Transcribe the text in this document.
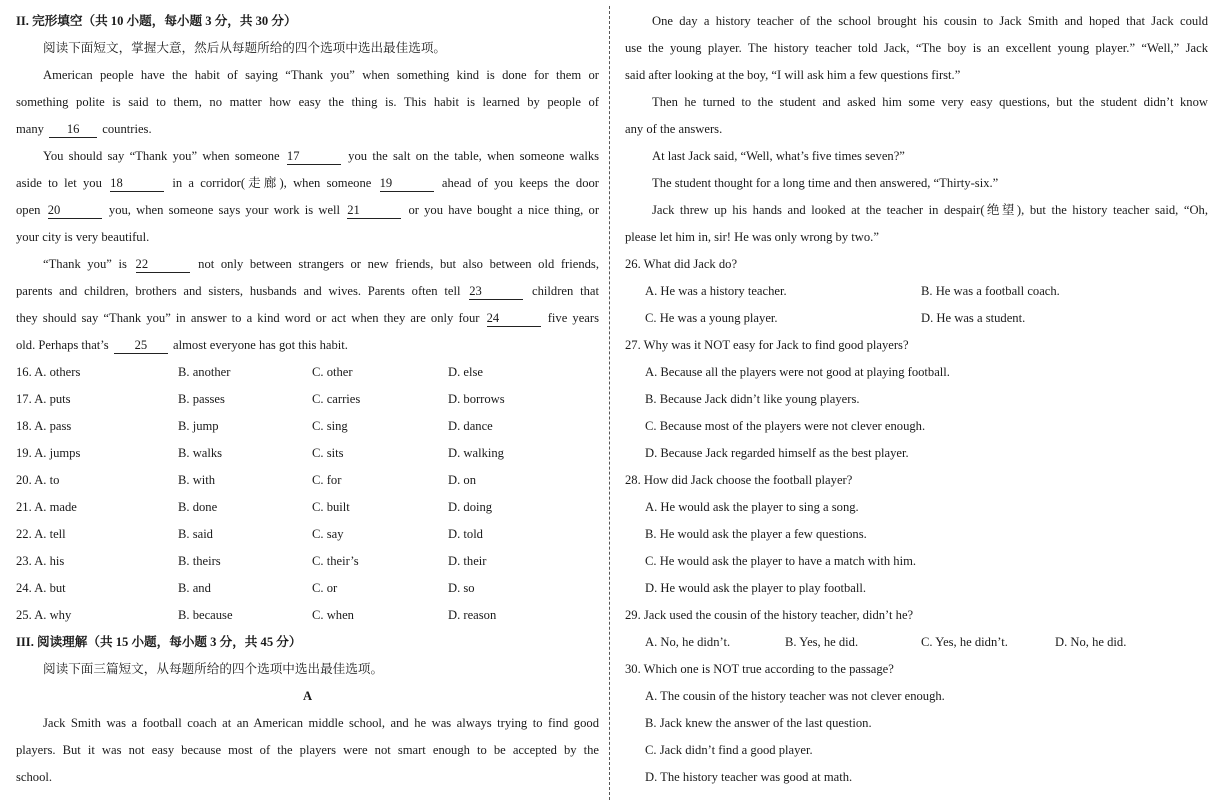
II. 完形填空（共 10 小题，每小题 3 分，共 30 分）
阅读下面短文，掌握大意，然后从每题所给的四个选项中选出最佳选项。
American people have the habit of saying “Thank you” when something kind is done for them or
something polite is said to them, no matter how easy the thing is. This habit is learned by people of
many 16 countries.
You should say “Thank you” when someone 17	you the salt on the table, when someone walks
aside to let you 18	in a corridor(走廊), when someone 19	ahead of you keeps the door
open 20	you, when someone says your work is well 21	or you have bought a nice thing, or
your city is very beautiful.
“Thank you” is 22	not only between strangers or new friends, but also between old friends,
parents and children, brothers and sisters, husbands and wives. Parents often tell 23	children that
they should say “Thank you” in answer to a kind word or act when they are only four 24	five years
old. Perhaps that’s 25 almost everyone has got this habit.
16. A. others	B. another	C. other	D. else
17. A. puts	B. passes	C. carries	D. borrows
18. A. pass	B. jump	C. sing	D. dance
19. A. jumps	B. walks	C. sits	D. walking
20. A. to	B. with	C. for	D. on
21. A. made	B. done	C. built	D. doing
22. A. tell	B. said	C. say	D. told
23. A. his	B. theirs	C. their’s	D. their
24. A. but	B. and	C. or	D. so
25. A. why	B. because	C. when	D. reason
III. 阅读理解（共 15 小题，每小题 3 分，共 45 分）
阅读下面三篇短文，从每题所给的四个选项中选出最佳选项。
A
Jack Smith was a football coach at an American middle school, and he was always trying to find good
players. But it was not easy because most of the players were not smart enough to be accepted by the
school.
One day a history teacher of the school brought his cousin to Jack Smith and hoped that Jack could
use the young player. The history teacher told Jack, “The boy is an excellent young player.” “Well,” Jack
said after looking at the boy, “I will ask him a few questions first.”
Then he turned to the student and asked him some very easy questions, but the student didn’t know
any of the answers.
At last Jack said, “Well, what’s five times seven?”
The student thought for a long time and then answered, “Thirty-six.”
Jack threw up his hands and looked at the teacher in despair(绝望), but the history teacher said, “Oh,
please let him in, sir! He was only wrong by two.”
26. What did Jack do?
A. He was a history teacher.	B. He was a football coach.
C. He was a young player.	D. He was a student.
27. Why was it NOT easy for Jack to find good players?
A. Because all the players were not good at playing football.
B. Because Jack didn’t like young players.
C. Because most of the players were not clever enough.
D. Because Jack regarded himself as the best player.
28. How did Jack choose the football player?
A. He would ask the player to sing a song.
B. He would ask the player a few questions.
C. He would ask the player to have a match with him.
D. He would ask the player to play football.
29. Jack used the cousin of the history teacher, didn’t he?
A. No, he didn’t.	B. Yes, he did.	C. Yes, he didn’t.	D. No, he did.
30. Which one is NOT true according to the passage?
A. The cousin of the history teacher was not clever enough.
B. Jack knew the answer of the last question.
C. Jack didn’t find a good player.
D. The history teacher was good at math.
